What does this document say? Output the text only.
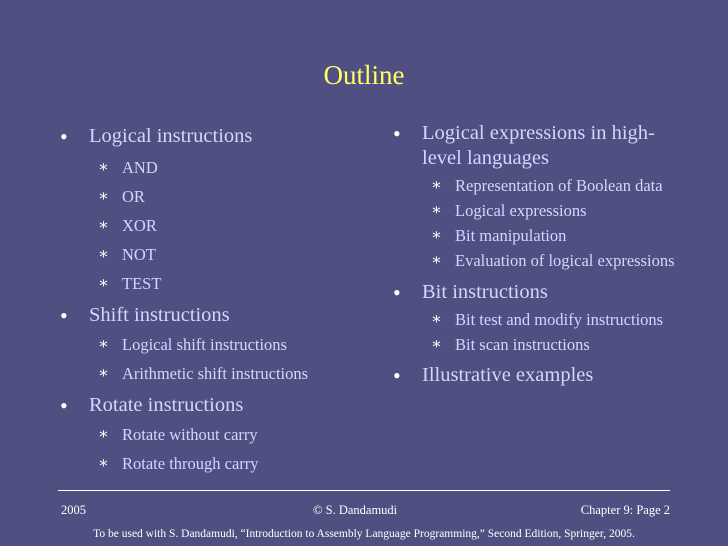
Outline
• Logical instructions
∗ AND
∗ OR
∗ XOR
∗ NOT
∗ TEST
• Shift instructions
∗ Logical shift instructions
∗ Arithmetic shift instructions
• Rotate instructions
∗ Rotate without carry
∗ Rotate through carry
• Logical expressions in high-level languages
∗ Representation of Boolean data
∗ Logical expressions
∗ Bit manipulation
∗ Evaluation of logical expressions
• Bit instructions
∗ Bit test and modify instructions
∗ Bit scan instructions
• Illustrative examples
2005	© S. Dandamudi	Chapter 9: Page 2
To be used with S. Dandamudi, “Introduction to Assembly Language Programming,” Second Edition, Springer, 2005.
